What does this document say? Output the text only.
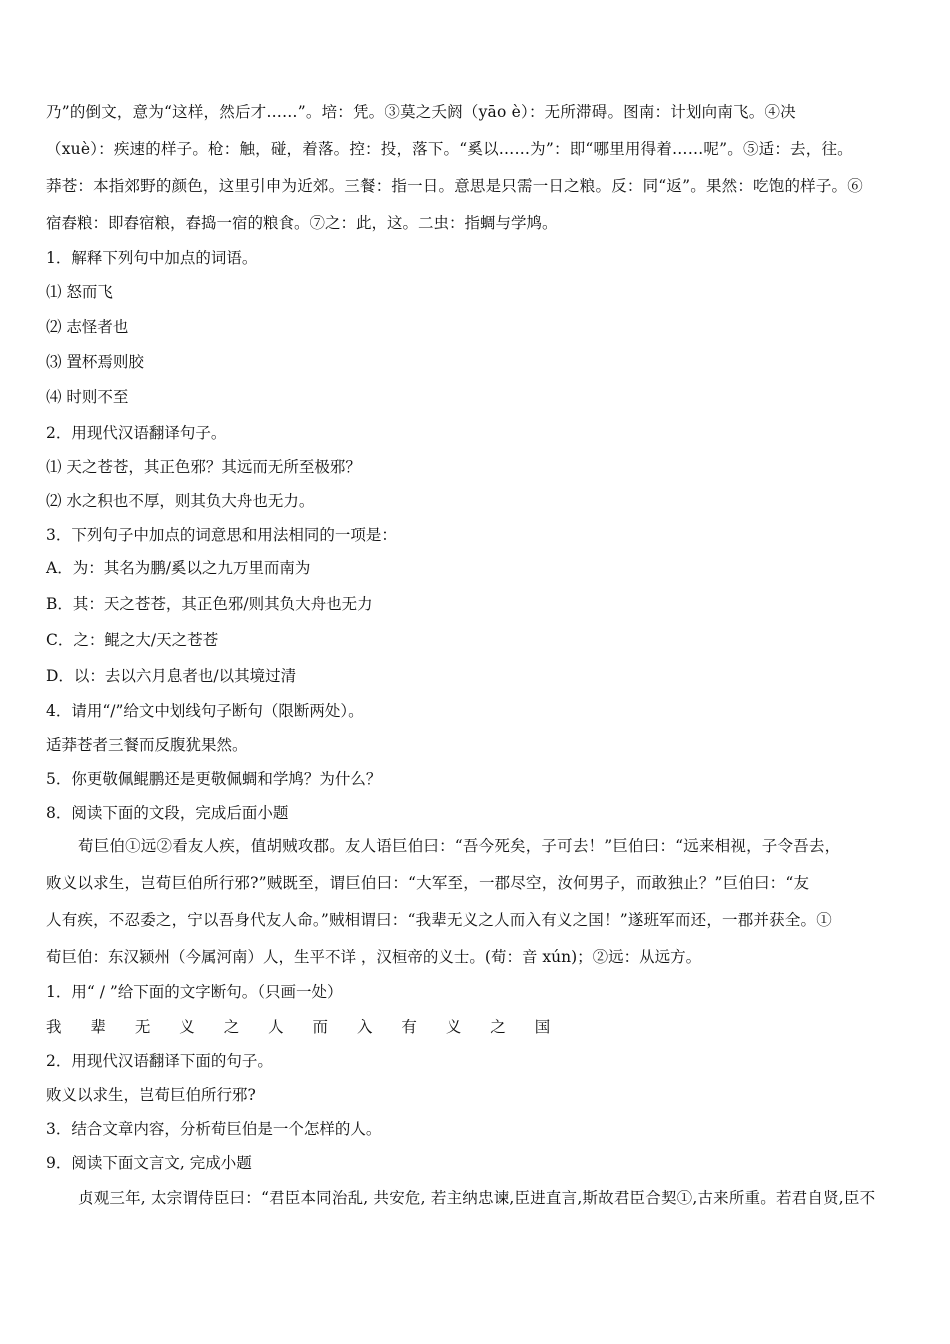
乃”的倒文，意为“这样，然后才……”。培：凭。③莫之夭阏（yāo è）：无所滞碍。图南：计划向南飞。④决
（xuè）：疾速的样子。枪：触，碰，着落。控：投，落下。“奚以……为”：即“哪里用得着……呢”。⑤适：去，往。
莽苍：本指郊野的颜色，这里引申为近郊。三餐：指一日。意思是只需一日之粮。反：同“返”。果然：吃饱的样子。⑥
宿舂粮：即舂宿粮，舂捣一宿的粮食。⑦之：此，这。二虫：指蜩与学鸠。
1．解释下列句中加点的词语。
⑴ 怒而飞
⑵ 志怪者也
⑶ 置杯焉则胶
⑷ 时则不至
2．用现代汉语翻译句子。
⑴ 天之苍苍，其正色邪？其远而无所至极邪？
⑵ 水之积也不厚，则其负大舟也无力。
3．下列句子中加点的词意思和用法相同的一项是：
A．为：其名为鹏/奚以之九万里而南为
B．其：天之苍苍，其正色邪/则其负大舟也无力
C．之：鲲之大/天之苍苍
D．以：去以六月息者也/以其境过清
4．请用“/”给文中划线句子断句（限断两处）。
适莽苍者三餐而反腹犹果然。
5．你更敬佩鲲鹏还是更敬佩蜩和学鸠？为什么？
8．阅读下面的文段，完成后面小题
荀巨伯①远②看友人疾，值胡贼攻郡。友人语巨伯曰：“吾今死矣，子可去！”巨伯曰：“远来相视，子令吾去，
败义以求生，岂荀巨伯所行邪?”贼既至，谓巨伯曰：“大军至，一郡尽空，汝何男子，而敢独止？”巨伯曰：“友
人有疾，不忍委之，宁以吾身代友人命。”贼相谓曰：“我辈无义之人而入有义之国！”遂班军而还，一郡并获全。①
荀巨伯：东汉颍州（今属河南）人，生平不详 ，汉桓帝的义士。(荀：音 xún)；②远：从远方。
1．用“ / ”给下面的文字断句。（只画一处）
我 辈 无 义 之 人 而 入 有 义 之 国
2．用现代汉语翻译下面的句子。
败义以求生，岂荀巨伯所行邪?
3．结合文章内容，分析荀巨伯是一个怎样的人。
9．阅读下面文言文, 完成小题
贞观三年, 太宗谓侍臣曰：“君臣本同治乱, 共安危, 若主纳忠谏,臣进直言,斯故君臣合契①,古来所重。若君自贤,臣不
